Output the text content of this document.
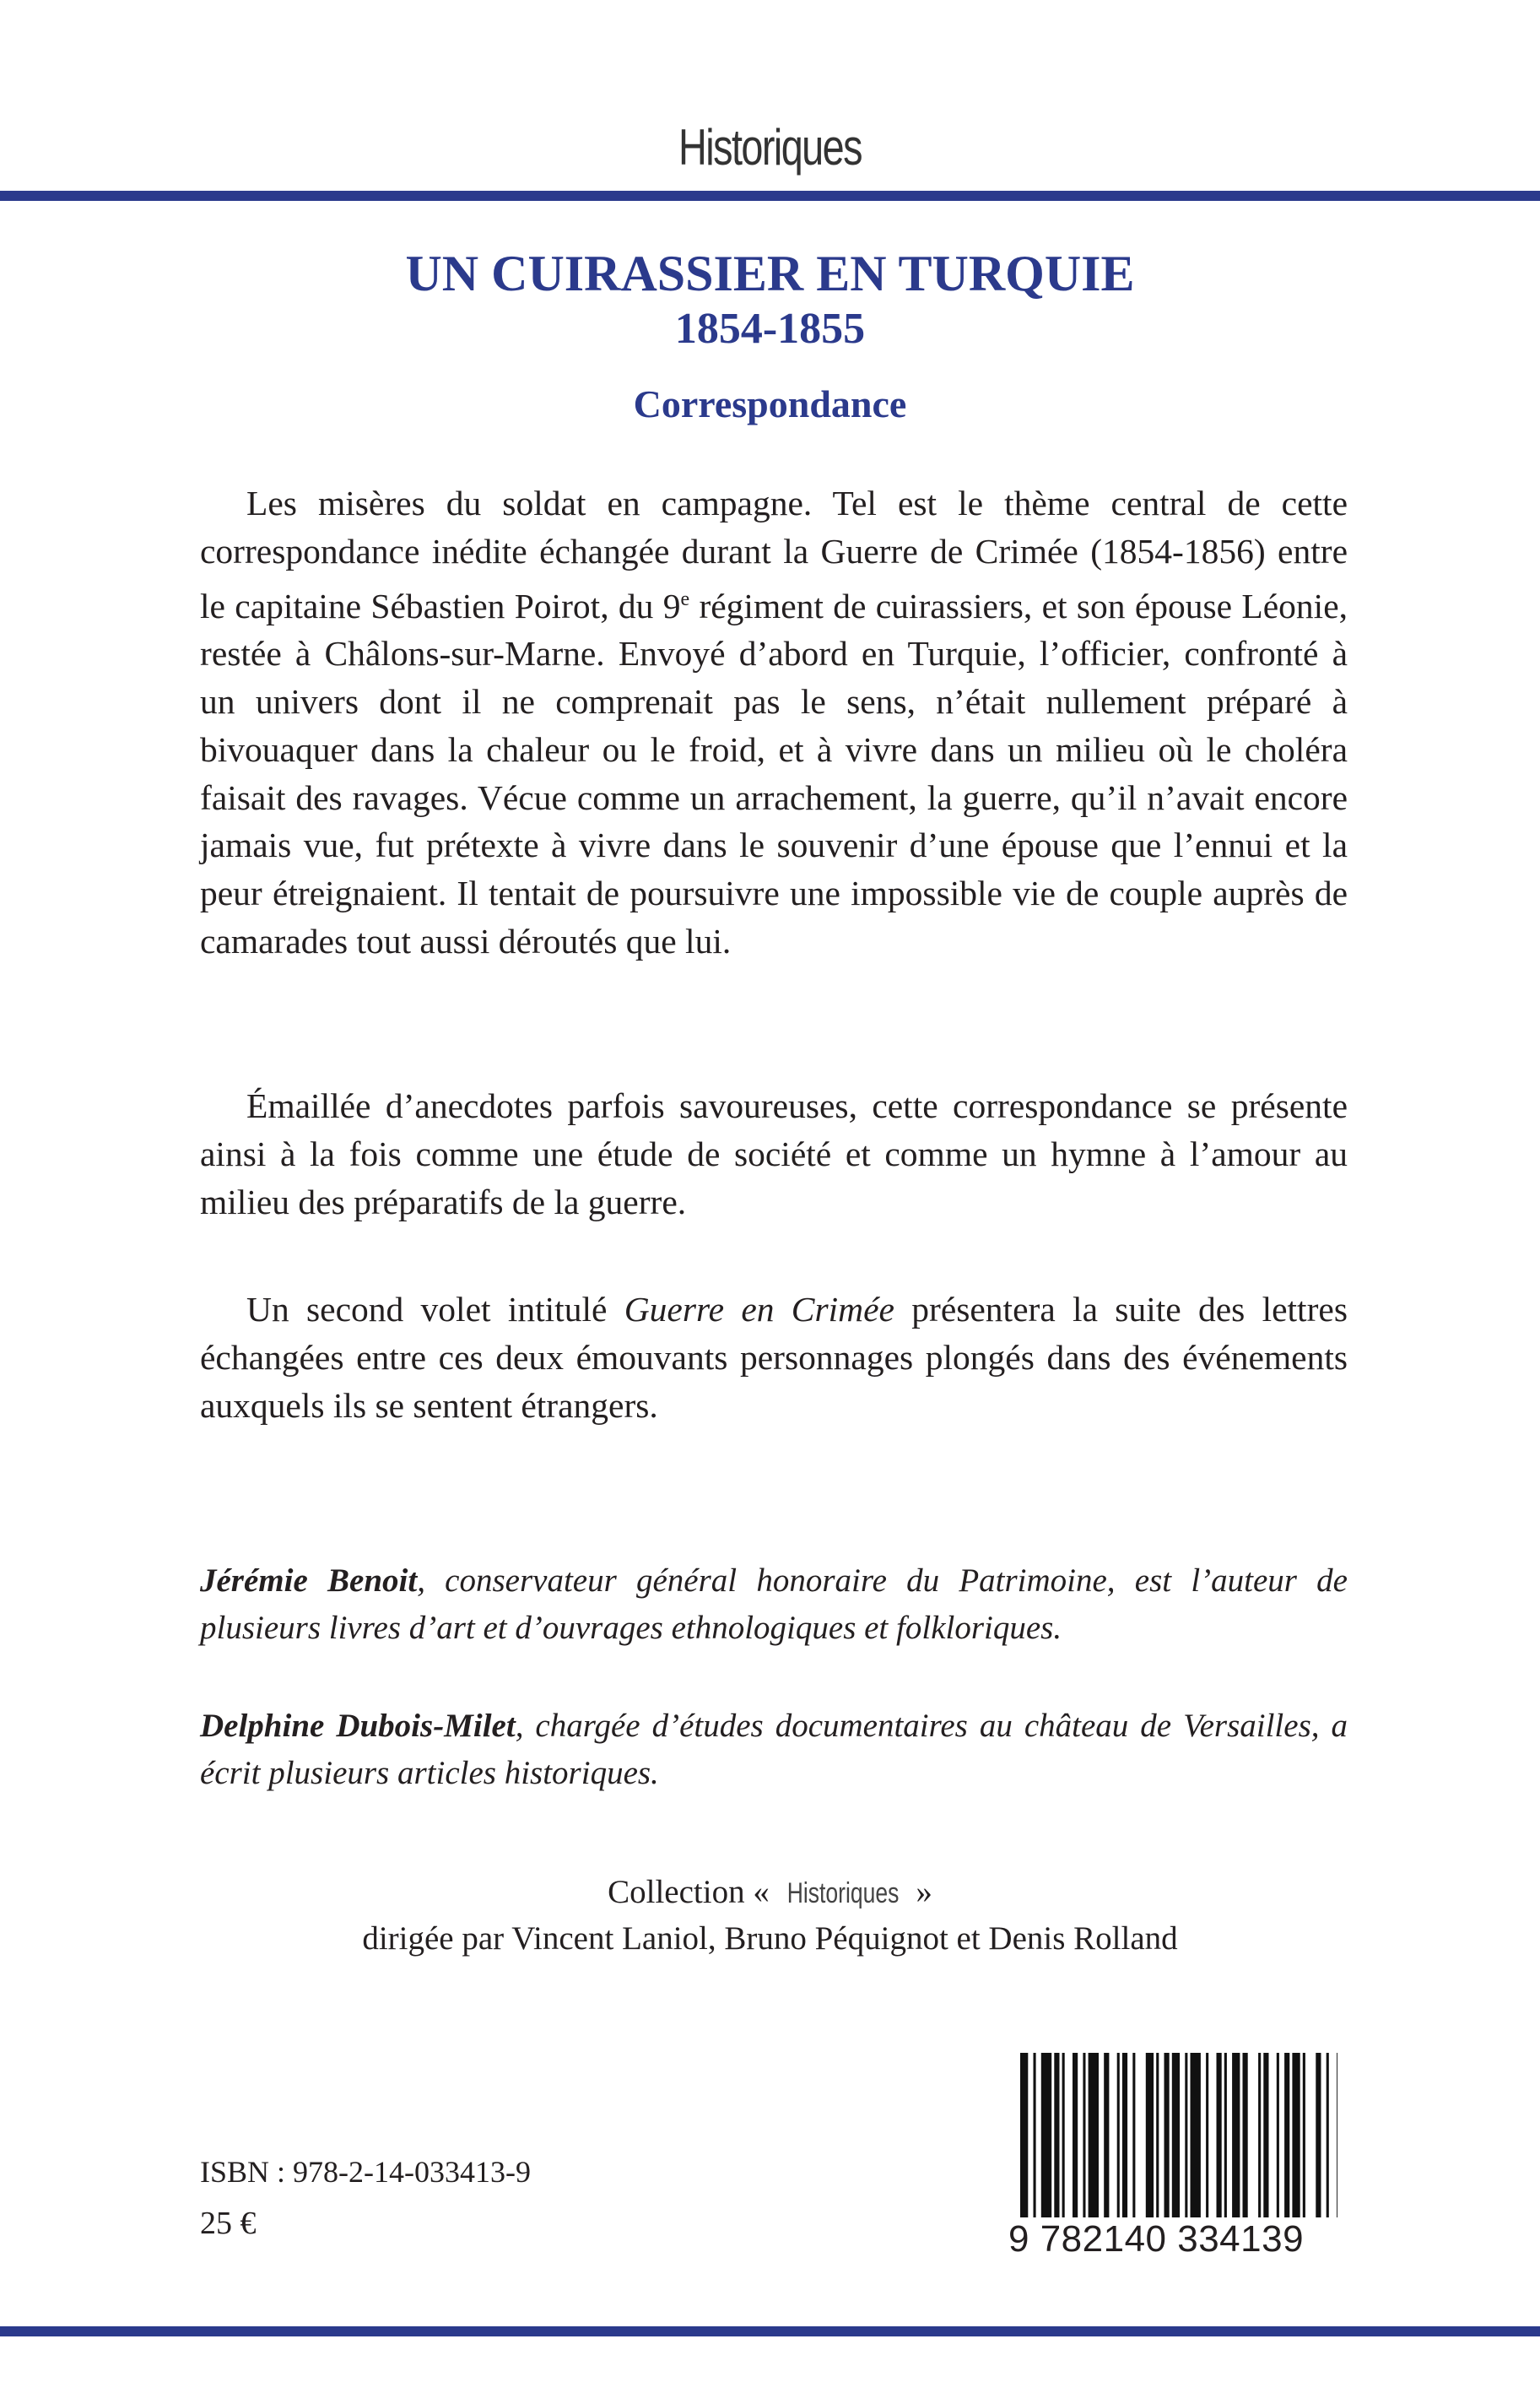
Historiques
UN CUIRASSIER EN TURQUIE
1854-1855
Correspondance

Les misères du soldat en campagne. Tel est le thème central de cette correspondance inédite échangée durant la Guerre de Crimée (1854-1856) entre le capitaine Sébastien Poirot, du 9e régiment de cuirassiers, et son épouse Léonie, restée à Châlons-sur-Marne. Envoyé d’abord en Turquie, l’officier, confronté à un univers dont il ne comprenait pas le sens, n’était nullement préparé à bivouaquer dans la chaleur ou le froid, et à vivre dans un milieu où le choléra faisait des ravages. Vécue comme un arrachement, la guerre, qu’il n’avait encore jamais vue, fut prétexte à vivre dans le souvenir d’une épouse que l’ennui et la peur étreignaient. Il tentait de poursuivre une impossible vie de couple auprès de camarades tout aussi déroutés que lui.

Émaillée d’anecdotes parfois savoureuses, cette correspondance se présente ainsi à la fois comme une étude de société et comme un hymne à l’amour au milieu des préparatifs de la guerre.

Un second volet intitulé Guerre en Crimée présentera la suite des lettres échangées entre ces deux émouvants personnages plongés dans des événements auxquels ils se sentent étrangers.

Jérémie Benoit, conservateur général honoraire du Patrimoine, est l’auteur de plusieurs livres d’art et d’ouvrages ethnologiques et folkloriques.

Delphine Dubois-Milet, chargée d’études documentaires au château de Versailles, a écrit plusieurs articles historiques.

Collection « Historiques »
dirigée par Vincent Laniol, Bruno Péquignot et Denis Rolland
ISBN : 978-2-14-033413-9
25 €	9 782140 334139
